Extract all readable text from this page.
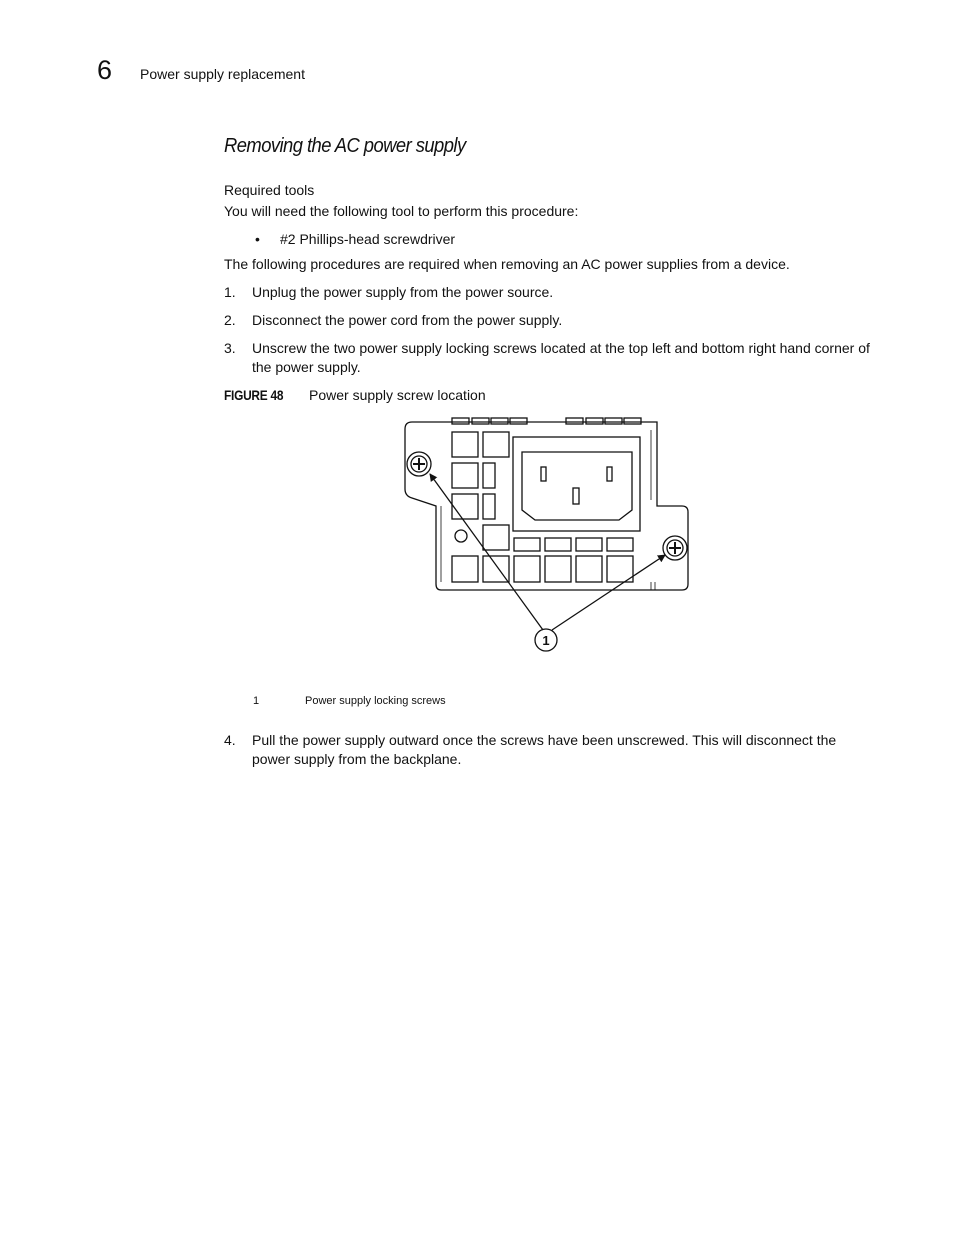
6 Power supply replacement
Removing the AC power supply
Required tools
You will need the following tool to perform this procedure:
• #2 Phillips-head screwdriver
The following procedures are required when removing an AC power supplies from a device.
1. Unplug the power supply from the power source.
2. Disconnect the power cord from the power supply.
3. Unscrew the two power supply locking screws located at the top left and bottom right hand corner of the power supply.
FIGURE 48 Power supply screw location
1
1	Power supply locking screws
4. Pull the power supply outward once the screws have been unscrewed. This will disconnect the power supply from the backplane.
